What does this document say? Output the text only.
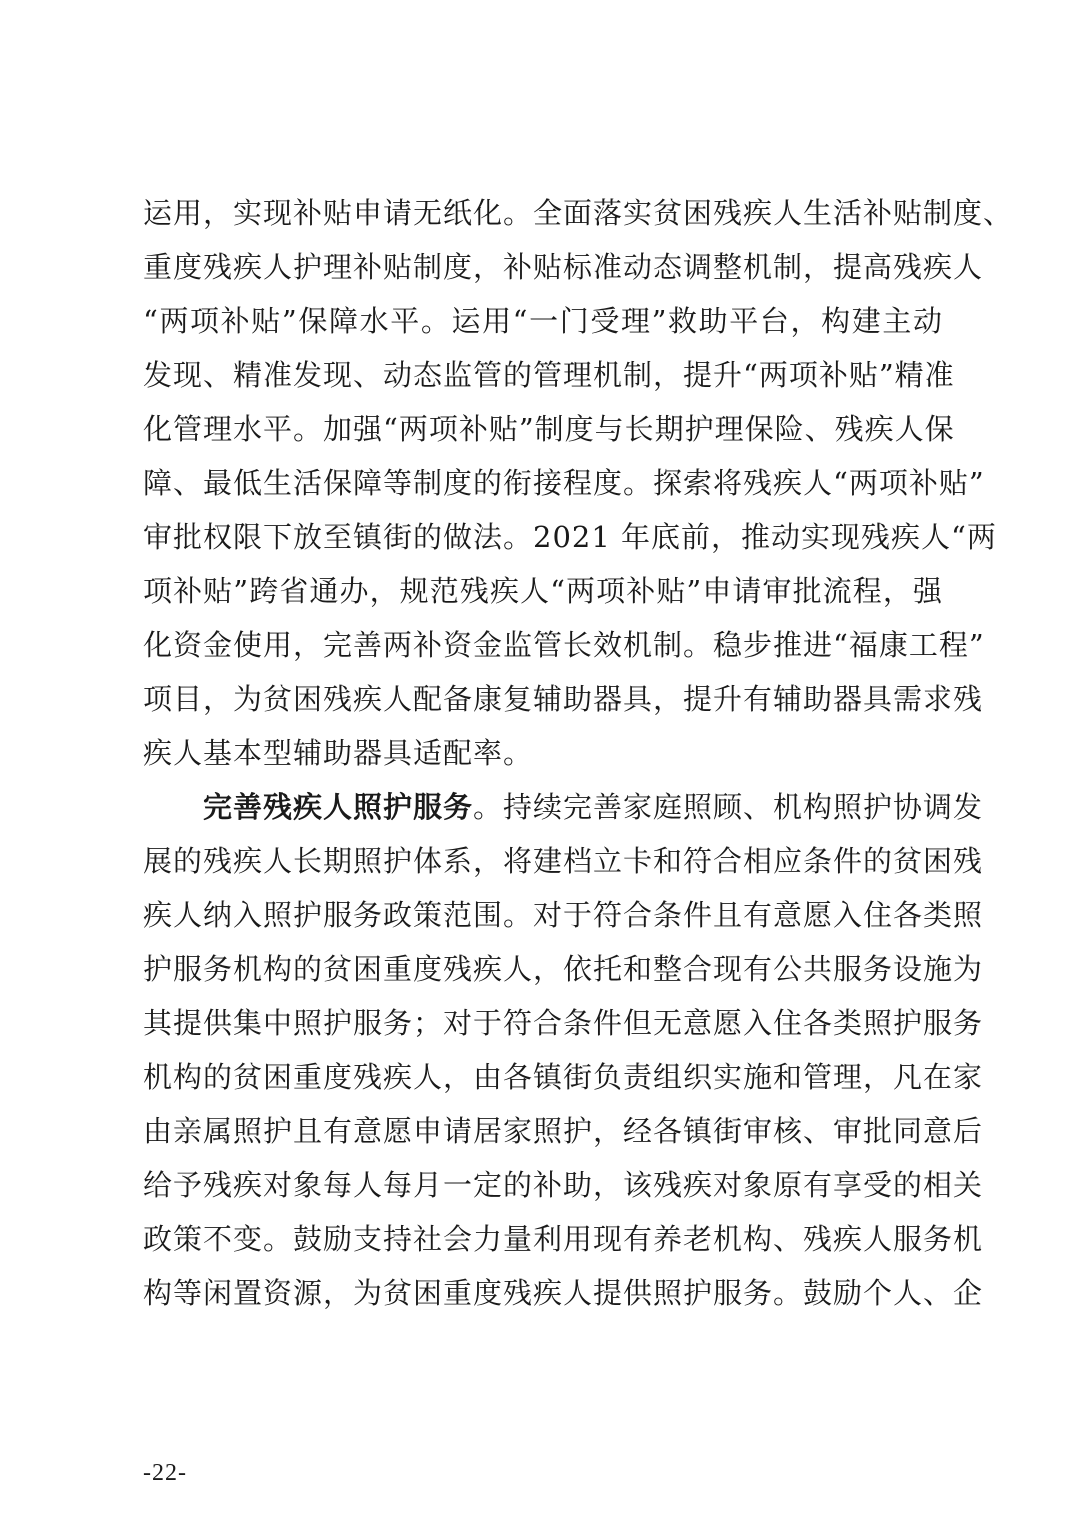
运用，实现补贴申请无纸化。全面落实贫困残疾人生活补贴制度、
重度残疾人护理补贴制度，补贴标准动态调整机制，提高残疾人
“两项补贴”保障水平。运用“一门受理”救助平台，构建主动
发现、精准发现、动态监管的管理机制，提升“两项补贴”精准
化管理水平。加强“两项补贴”制度与长期护理保险、残疾人保
障、最低生活保障等制度的衔接程度。探索将残疾人“两项补贴”
审批权限下放至镇街的做法。2021 年底前，推动实现残疾人“两
项补贴”跨省通办，规范残疾人“两项补贴”申请审批流程，强
化资金使用，完善两补资金监管长效机制。稳步推进“福康工程”
项目，为贫困残疾人配备康复辅助器具，提升有辅助器具需求残
疾人基本型辅助器具适配率。
完善残疾人照护服务。持续完善家庭照顾、机构照护协调发
展的残疾人长期照护体系，将建档立卡和符合相应条件的贫困残
疾人纳入照护服务政策范围。对于符合条件且有意愿入住各类照
护服务机构的贫困重度残疾人，依托和整合现有公共服务设施为
其提供集中照护服务；对于符合条件但无意愿入住各类照护服务
机构的贫困重度残疾人，由各镇街负责组织实施和管理，凡在家
由亲属照护且有意愿申请居家照护，经各镇街审核、审批同意后
给予残疾对象每人每月一定的补助，该残疾对象原有享受的相关
政策不变。鼓励支持社会力量利用现有养老机构、残疾人服务机
构等闲置资源，为贫困重度残疾人提供照护服务。鼓励个人、企
-22-
